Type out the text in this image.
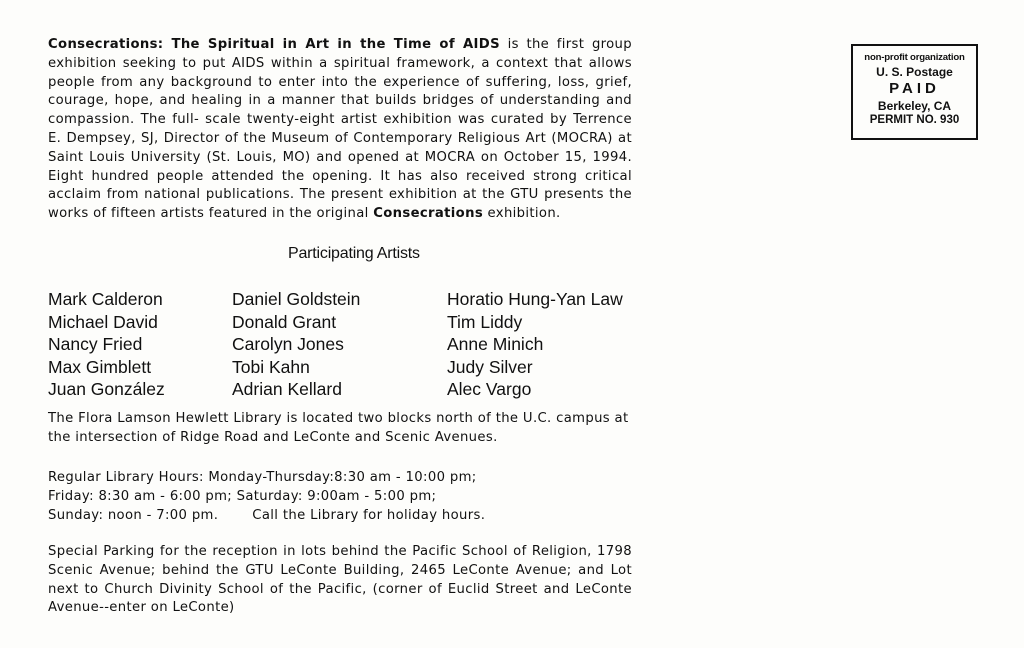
Consecrations: The Spiritual in Art in the Time of AIDS is the first group exhibition seeking to put AIDS within a spiritual framework, a context that allows people from any background to enter into the experience of suffering, loss, grief, courage, hope, and healing in a manner that builds bridges of understanding and compassion. The full- scale twenty-eight artist exhibition was curated by Terrence E. Dempsey, SJ, Director of the Museum of Contemporary Religious Art (MOCRA) at Saint Louis University (St. Louis, MO) and opened at MOCRA on October 15, 1994. Eight hundred people attended the opening. It has also received strong critical acclaim from national publications. The present exhibition at the GTU presents the works of fifteen artists featured in the original Consecrations exhibition.

Participating Artists
Mark Calderon
Michael David
Nancy Fried
Max Gimblett
Juan González
Daniel Goldstein
Donald Grant
Carolyn Jones
Tobi Kahn
Adrian Kellard
Horatio Hung-Yan Law
Tim Liddy
Anne Minich
Judy Silver
Alec Vargo

The Flora Lamson Hewlett Library is located two blocks north of the U.C. campus at the intersection of Ridge Road and LeConte and Scenic Avenues.

Regular Library Hours: Monday-Thursday:8:30 am - 10:00 pm;
Friday: 8:30 am - 6:00 pm; Saturday: 9:00am - 5:00 pm;
Sunday: noon - 7:00 pm.	Call the Library for holiday hours.

Special Parking for the reception in lots behind the Pacific School of Religion, 1798 Scenic Avenue; behind the GTU LeConte Building, 2465 LeConte Avenue; and Lot next to Church Divinity School of the Pacific, (corner of Euclid Street and LeConte Avenue--enter on LeConte)

non-profit organization
U. S. Postage
PAID
Berkeley, CA
PERMIT NO. 930
